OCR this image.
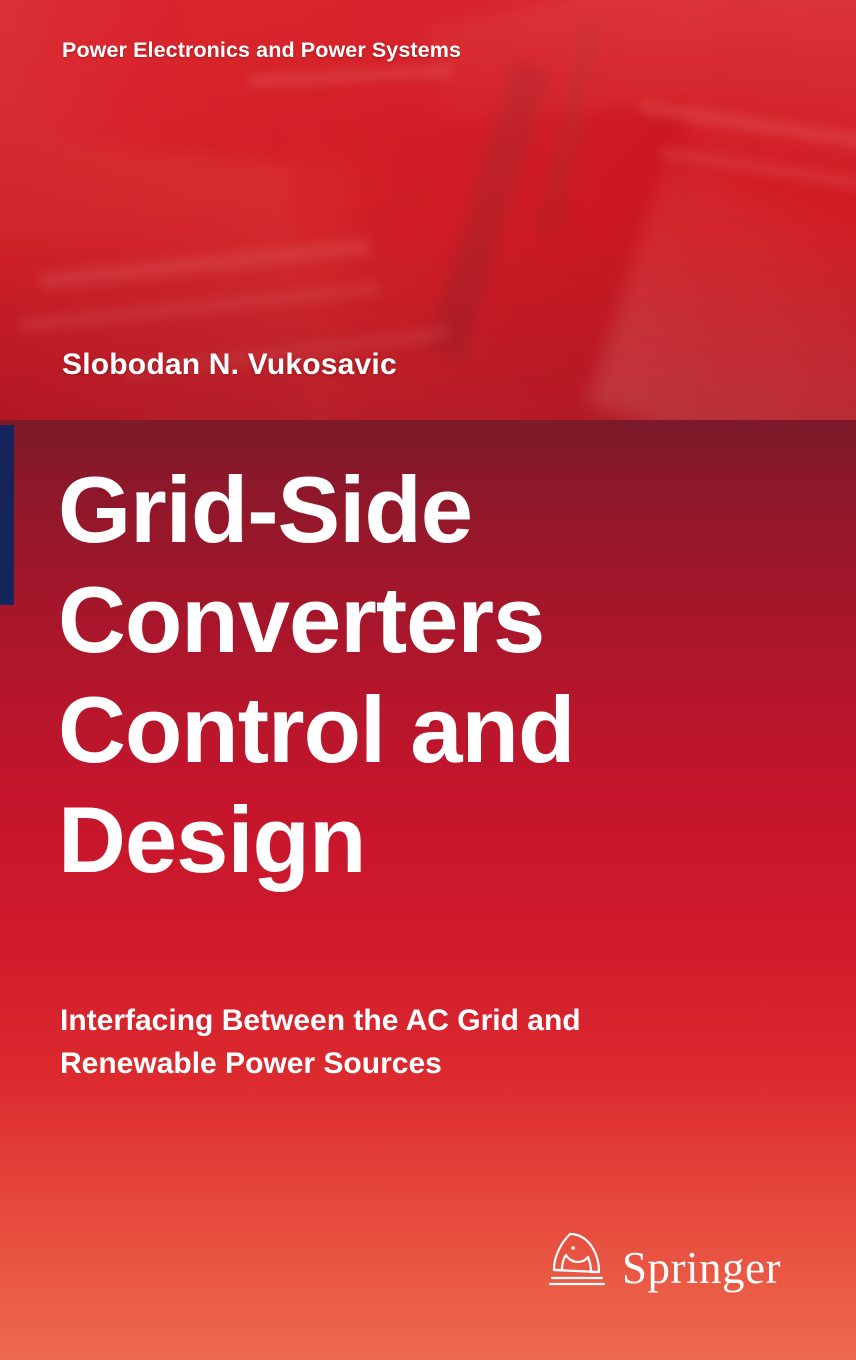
Power Electronics and Power Systems
Slobodan N. Vukosavic
Grid-Side
Converters
Control and
Design
Interfacing Between the AC Grid and
Renewable Power Sources
Springer
